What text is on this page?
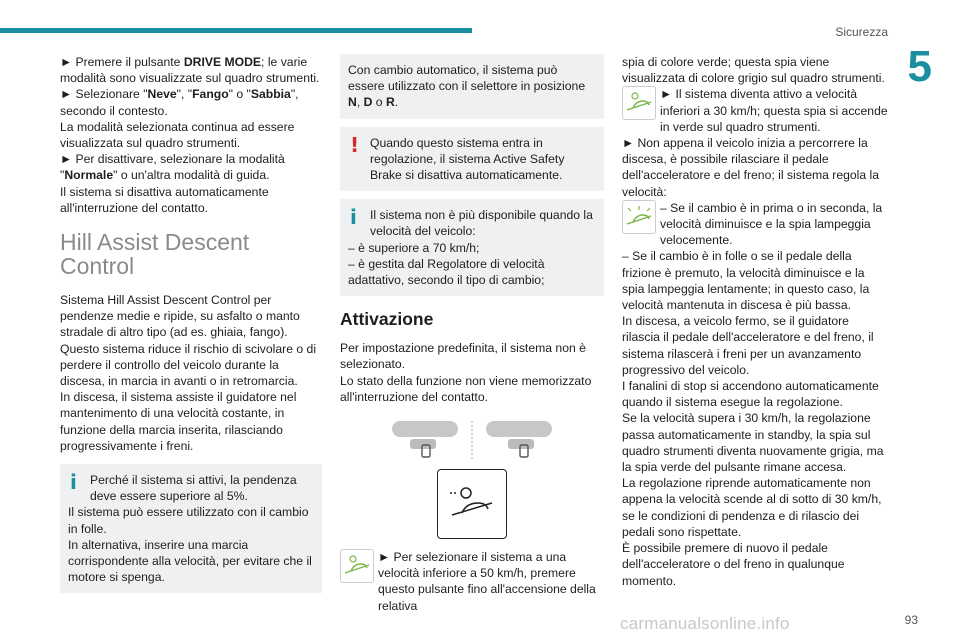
Sicurezza
5

► Premere il pulsante DRIVE MODE; le varie modalità sono visualizzate sul quadro strumenti.

► Selezionare "Neve", "Fango" o "Sabbia", secondo il contesto.

La modalità selezionata continua ad essere visualizzata sul quadro strumenti.

► Per disattivare, selezionare la modalità "Normale" o un'altra modalità di guida.

Il sistema si disattiva automaticamente all'interruzione del contatto.

Hill Assist Descent Control

Sistema Hill Assist Descent Control per pendenze medie e ripide, su asfalto o manto stradale di altro tipo (ad es. ghiaia, fango).

Questo sistema riduce il rischio di scivolare o di perdere il controllo del veicolo durante la discesa, in marcia in avanti o in retromarcia.

In discesa, il sistema assiste il guidatore nel mantenimento di una velocità costante, in funzione della marcia inserita, rilasciando progressivamente i freni.

i	Perché il sistema si attivi, la pendenza deve essere superiore al 5%.

Il sistema può essere utilizzato con il cambio in folle.

In alternativa, inserire una marcia corrispondente alla velocità, per evitare che il motore si spenga.

Con cambio automatico, il sistema può essere utilizzato con il selettore in posizione N, D o R.

! Quando questo sistema entra in regolazione, il sistema Active Safety Brake si disattiva automaticamente.

i	Il sistema non è più disponibile quando la velocità del veicolo:

– è superiore a 70 km/h;

– è gestita dal Regolatore di velocità adattativo, secondo il tipo di cambio;

Attivazione

Per impostazione predefinita, il sistema non è selezionato.

Lo stato della funzione non viene memorizzato all'interruzione del contatto.

► Per selezionare il sistema a una velocità inferiore a 50 km/h, premere questo pulsante fino all'accensione della relativa

spia di colore verde; questa spia viene visualizzata di colore grigio sul quadro strumenti.

► Il sistema diventa attivo a velocità inferiori a 30 km/h; questa spia si accende in verde sul quadro strumenti.

► Non appena il veicolo inizia a percorrere la discesa, è possibile rilasciare il pedale dell'acceleratore e del freno; il sistema regola la velocità:

– Se il cambio è in prima o in seconda, la velocità diminuisce e la spia lampeggia velocemente.

– Se il cambio è in folle o se il pedale della frizione è premuto, la velocità diminuisce e la spia lampeggia lentamente; in questo caso, la velocità mantenuta in discesa è più bassa.

In discesa, a veicolo fermo, se il guidatore rilascia il pedale dell'acceleratore e del freno, il sistema rilascerà i freni per un avanzamento progressivo del veicolo.

I fanalini di stop si accendono automaticamente quando il sistema esegue la regolazione.

Se la velocità supera i 30 km/h, la regolazione passa automaticamente in standby, la spia sul quadro strumenti diventa nuovamente grigia, ma la spia verde del pulsante rimane accesa.

La regolazione riprende automaticamente non appena la velocità scende al di sotto di 30 km/h, se le condizioni di pendenza e di rilascio dei pedali sono rispettate.

È possibile premere di nuovo il pedale dell'acceleratore o del freno in qualunque momento.

93
carmanualsonline.info
